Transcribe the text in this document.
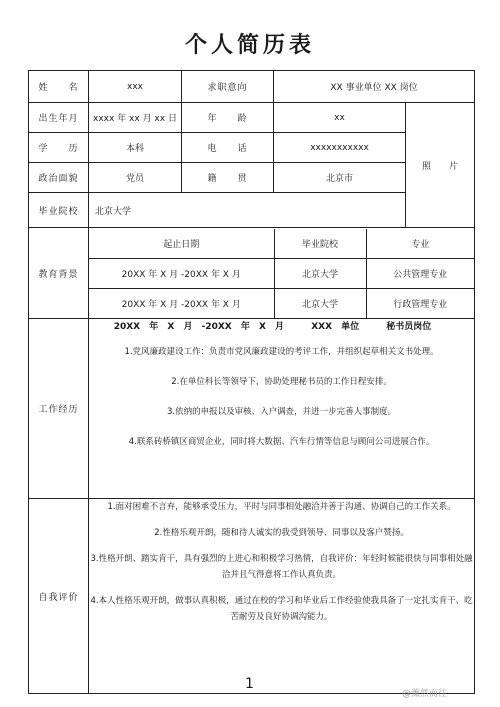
个人简历表
姓　　名	xxx	求职意向	XX 事业单位 XX 岗位
出生年月	xxxx 年 xx 月 xx 日	年　　龄	xx	照　　片
学　　历	本科	电　　话	xxxxxxxxxxx
政治面貌	党员	籍　　贯	北京市
毕业院校	北京大学
教育背景	
起止日期	毕业院校	专业
20XX 年 X 月 -20XX 年 X 月	北京大学	公共管理专业
20XX 年 X 月 -20XX 年 X 月	北京大学	行政管理专业

工作经历	
20XX 年 X 月 -20XX 年 X 月	XXX 单位	秘书员岗位

1.党风廉政建设工作：负责市党风廉政建设的考评工作，并组织起草相关文书处理。

2.在单位科长等领导下，协助处理秘书员的工作日程安排。

3.依纳的申报以及审核、入户调查，并进一步完善人事制度。

4.联系砖桥镇区商贸企业，同时将大数据、汽车行情等信息与顾问公司进展合作。

自我评价	

1.面对困难不言弃，能够承受压力，平时与同事相处融洽并善于沟通、协调自己的工作关系。

2.性格乐观开朗，随和待人诚实的我受到领导、同事以及客户赞扬。

3.性格开朗、踏实肯干，具有强烈的上进心和积极学习热情，自我评价：年轻时候能很快与同事相处融洽并且气得意将工作认真负责。

4.本人性格乐观开朗，做事认真积极，通过在校的学习和毕业后工作经验使我具备了一定扎实肯干、吃苦耐劳及良好协调沟能力。

1
@薰然而往
